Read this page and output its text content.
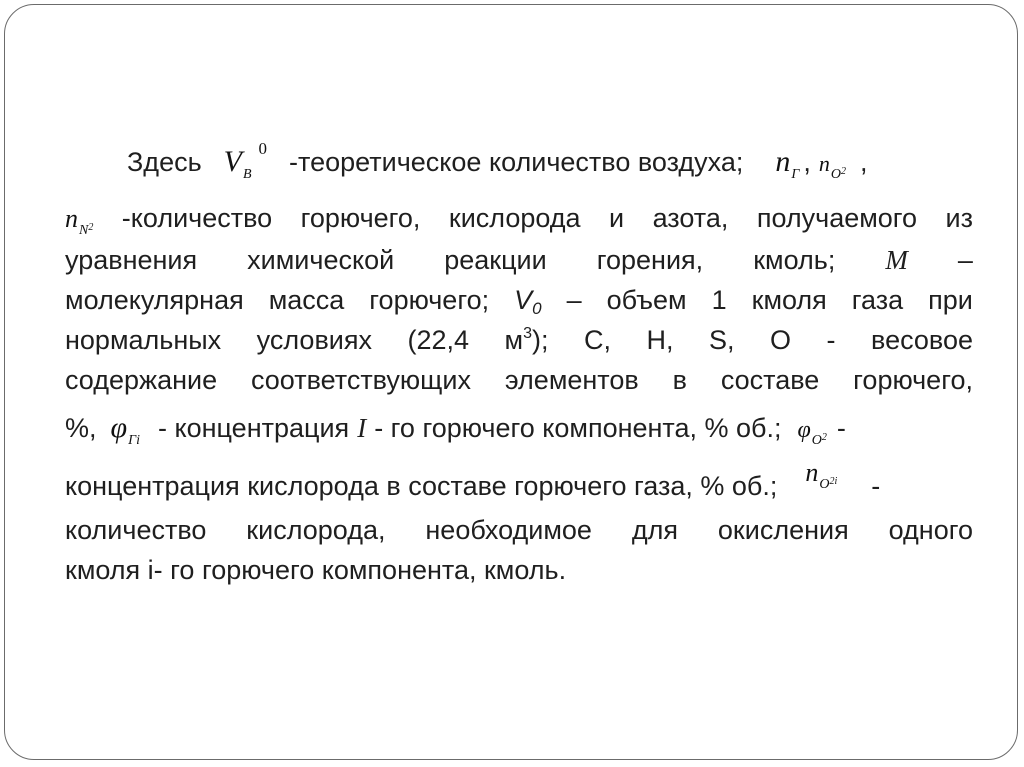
Здесь V B
0 -теоретическое количество воздуха; n Г , n O 2 ,
n N 2 -количество горючего, кислорода и азота, получаемого из
уравнения химической реакции горения, кмоль; M –
молекулярная масса горючего; V0 – объем 1 кмоля газа при
нормальных условиях (22,4 $м^3$); C, H, S, O - весовое
содержание соответствующих элементов в составе горючего,
%, φ Гi - концентрация I - го горючего компонента, % об.; φ O 2 -
концентрация кислорода в составе горючего газа, % об.; n O 2i -
количество кислорода, необходимое для окисления одного
кмоля i- го горючего компонента, кмоль.
